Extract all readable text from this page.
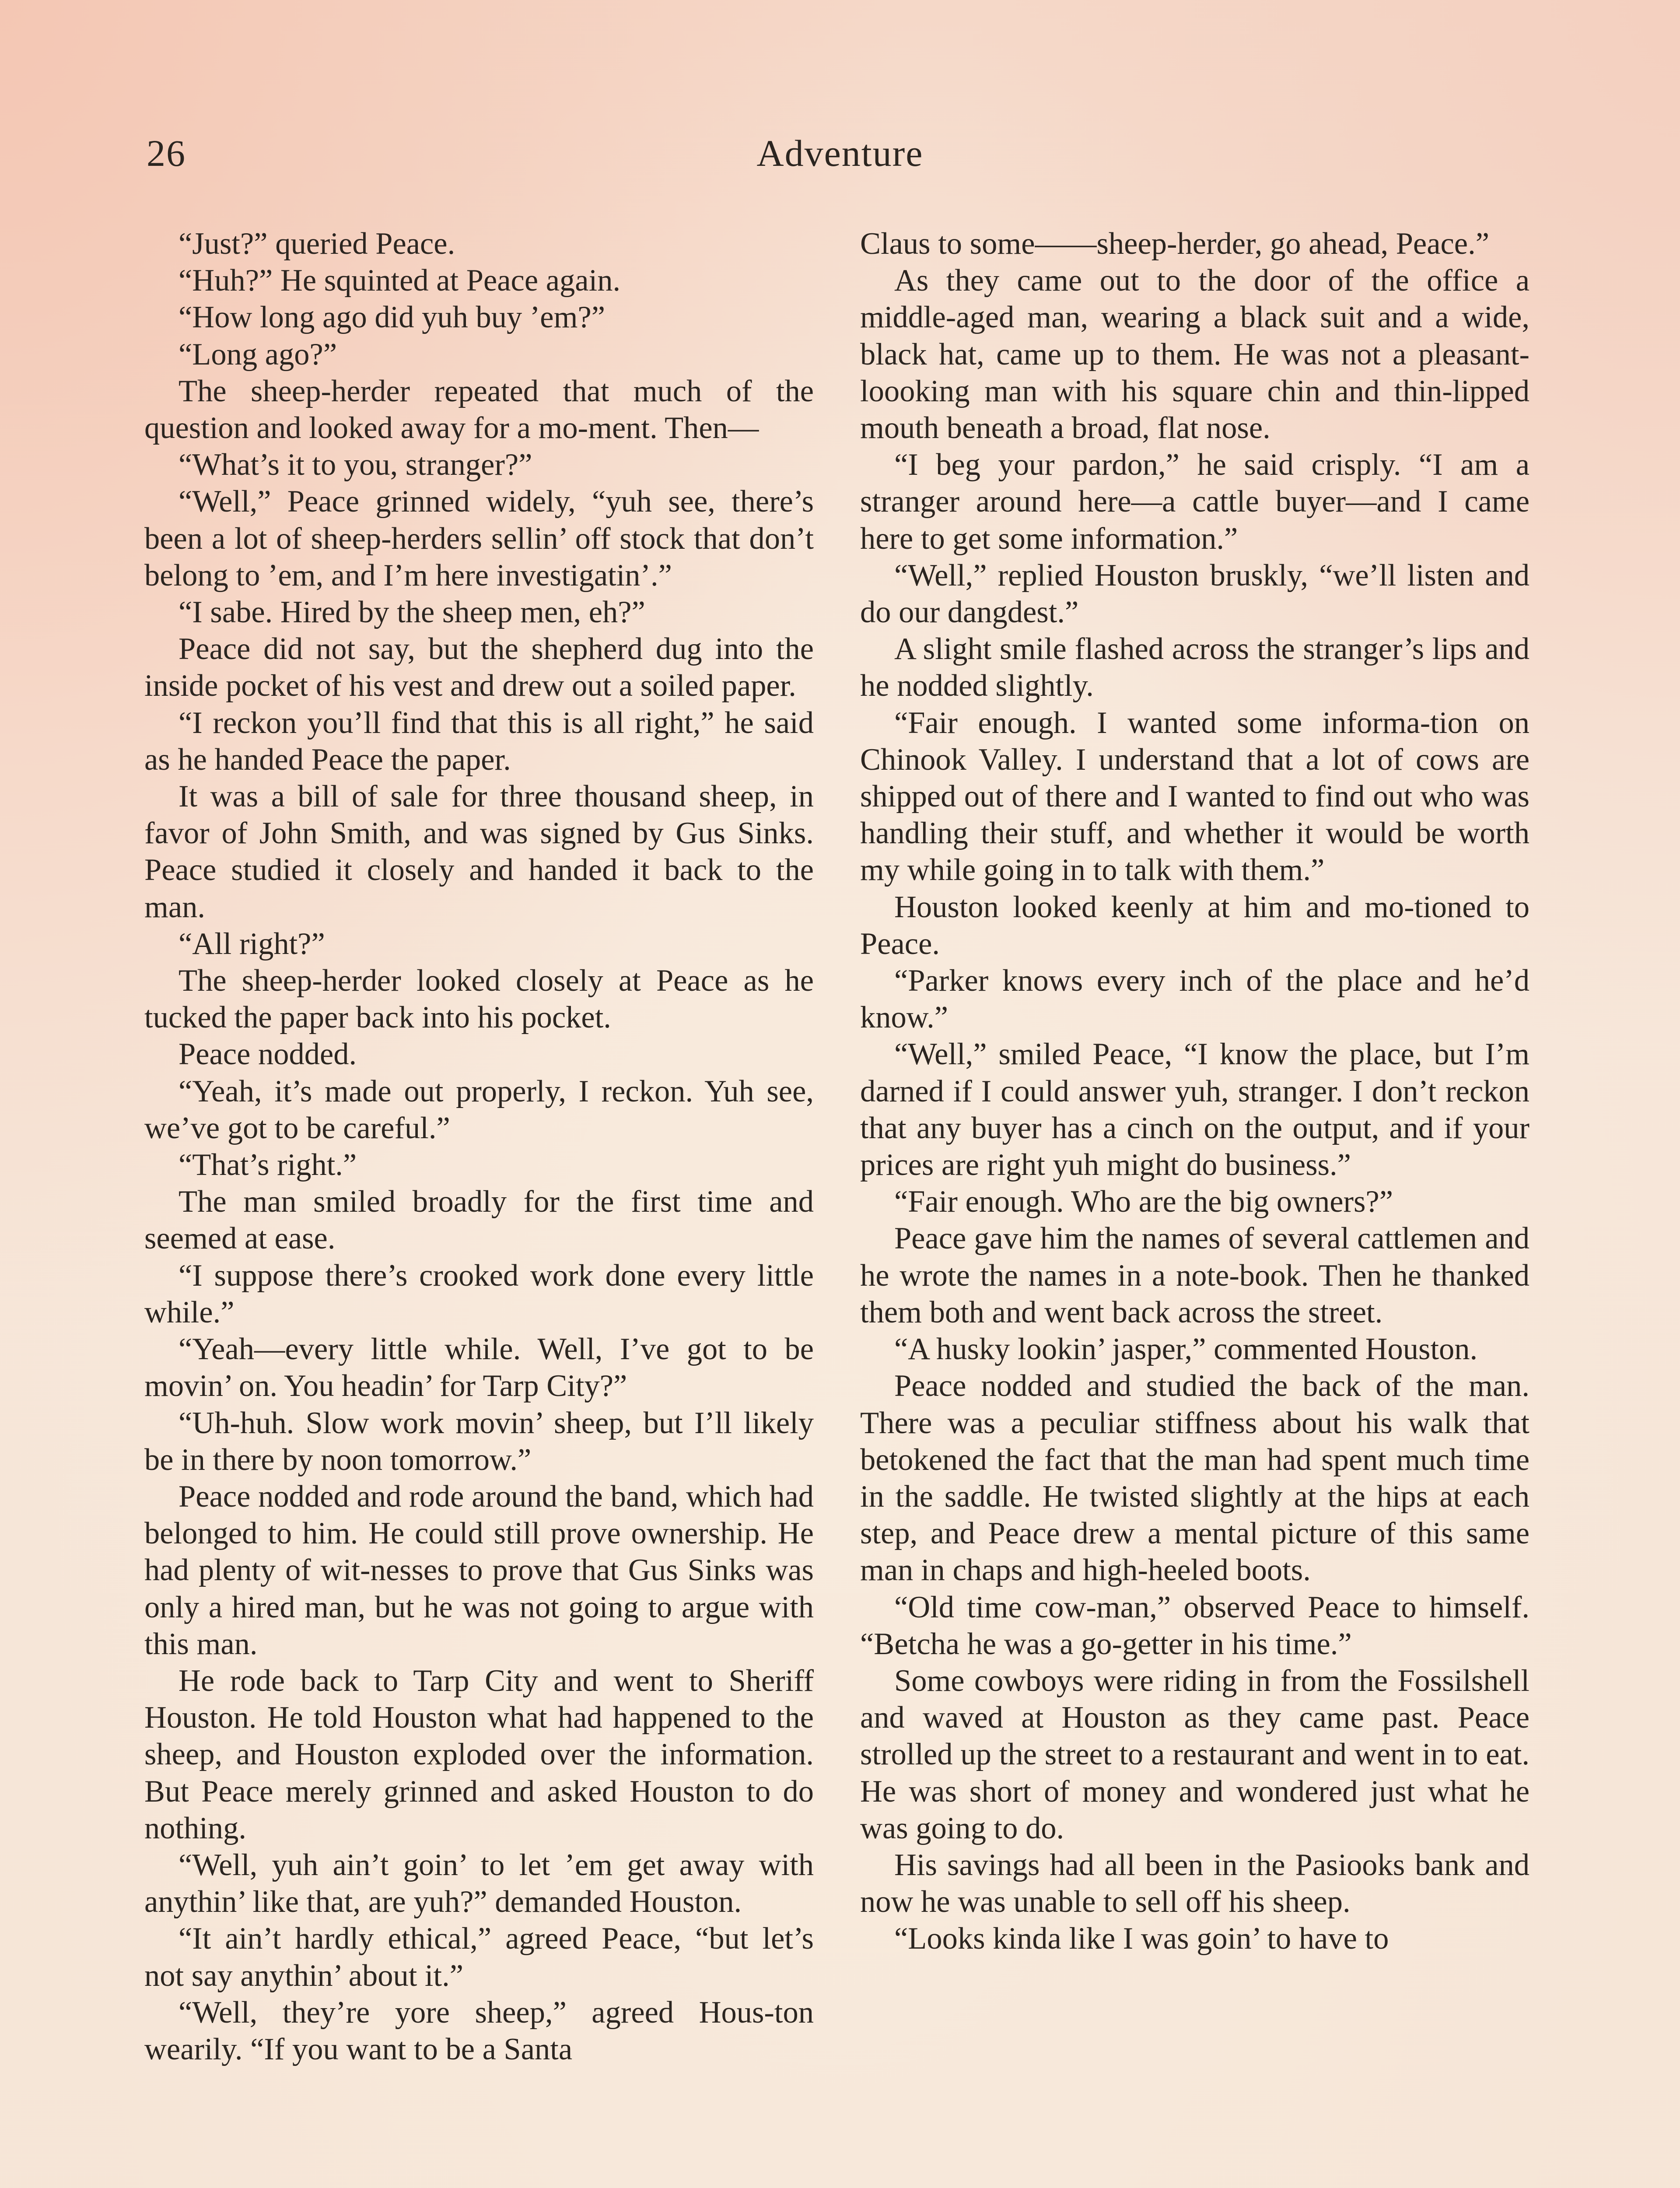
26	Adventure

“Just?” queried Peace.

“Huh?” He squinted at Peace again.

“How long ago did yuh buy ’em?”

“Long ago?”

The sheep-herder repeated that much of the question and looked away for a mo-ment. Then—

“What’s it to you, stranger?”

“Well,” Peace grinned widely, “yuh see, there’s been a lot of sheep-herders sellin’ off stock that don’t belong to ’em, and I’m here investigatin’.”

“I sabe. Hired by the sheep men, eh?”

Peace did not say, but the shepherd dug into the inside pocket of his vest and drew out a soiled paper.

“I reckon you’ll find that this is all right,” he said as he handed Peace the paper.

It was a bill of sale for three thousand sheep, in favor of John Smith, and was signed by Gus Sinks. Peace studied it closely and handed it back to the man.

“All right?”

The sheep-herder looked closely at Peace as he tucked the paper back into his pocket.

Peace nodded.

“Yeah, it’s made out properly, I reckon. Yuh see, we’ve got to be careful.”

“That’s right.”

The man smiled broadly for the first time and seemed at ease.

“I suppose there’s crooked work done every little while.”

“Yeah—every little while. Well, I’ve got to be movin’ on. You headin’ for Tarp City?”

“Uh-huh. Slow work movin’ sheep, but I’ll likely be in there by noon tomorrow.”

Peace nodded and rode around the band, which had belonged to him. He could still prove ownership. He had plenty of wit-nesses to prove that Gus Sinks was only a hired man, but he was not going to argue with this man.

He rode back to Tarp City and went to Sheriff Houston. He told Houston what had happened to the sheep, and Houston exploded over the information. But Peace merely grinned and asked Houston to do nothing.

“Well, yuh ain’t goin’ to let ’em get away with anythin’ like that, are yuh?” demanded Houston.

“It ain’t hardly ethical,” agreed Peace, “but let’s not say anythin’ about it.”

“Well, they’re yore sheep,” agreed Hous-ton wearily. “If you want to be a Santa

Claus to some——sheep-herder, go ahead, Peace.”

As they came out to the door of the office a middle-aged man, wearing a black suit and a wide, black hat, came up to them. He was not a pleasant-loooking man with his square chin and thin-lipped mouth beneath a broad, flat nose.

“I beg your pardon,” he said crisply. “I am a stranger around here—a cattle buyer—and I came here to get some information.”

“Well,” replied Houston bruskly, “we’ll listen and do our dangdest.”

A slight smile flashed across the stranger’s lips and he nodded slightly.

“Fair enough. I wanted some informa-tion on Chinook Valley. I understand that a lot of cows are shipped out of there and I wanted to find out who was handling their stuff, and whether it would be worth my while going in to talk with them.”

Houston looked keenly at him and mo-tioned to Peace.

“Parker knows every inch of the place and he’d know.”

“Well,” smiled Peace, “I know the place, but I’m darned if I could answer yuh, stranger. I don’t reckon that any buyer has a cinch on the output, and if your prices are right yuh might do business.”

“Fair enough. Who are the big owners?”

Peace gave him the names of several cattlemen and he wrote the names in a note-book. Then he thanked them both and went back across the street.

“A husky lookin’ jasper,” commented Houston.

Peace nodded and studied the back of the man. There was a peculiar stiffness about his walk that betokened the fact that the man had spent much time in the saddle. He twisted slightly at the hips at each step, and Peace drew a mental picture of this same man in chaps and high-heeled boots.

“Old time cow-man,” observed Peace to himself. “Betcha he was a go-getter in his time.”

Some cowboys were riding in from the Fossilshell and waved at Houston as they came past. Peace strolled up the street to a restaurant and went in to eat. He was short of money and wondered just what he was going to do.

His savings had all been in the Pasiooks bank and now he was unable to sell off his sheep.

“Looks kinda like I was goin’ to have to
